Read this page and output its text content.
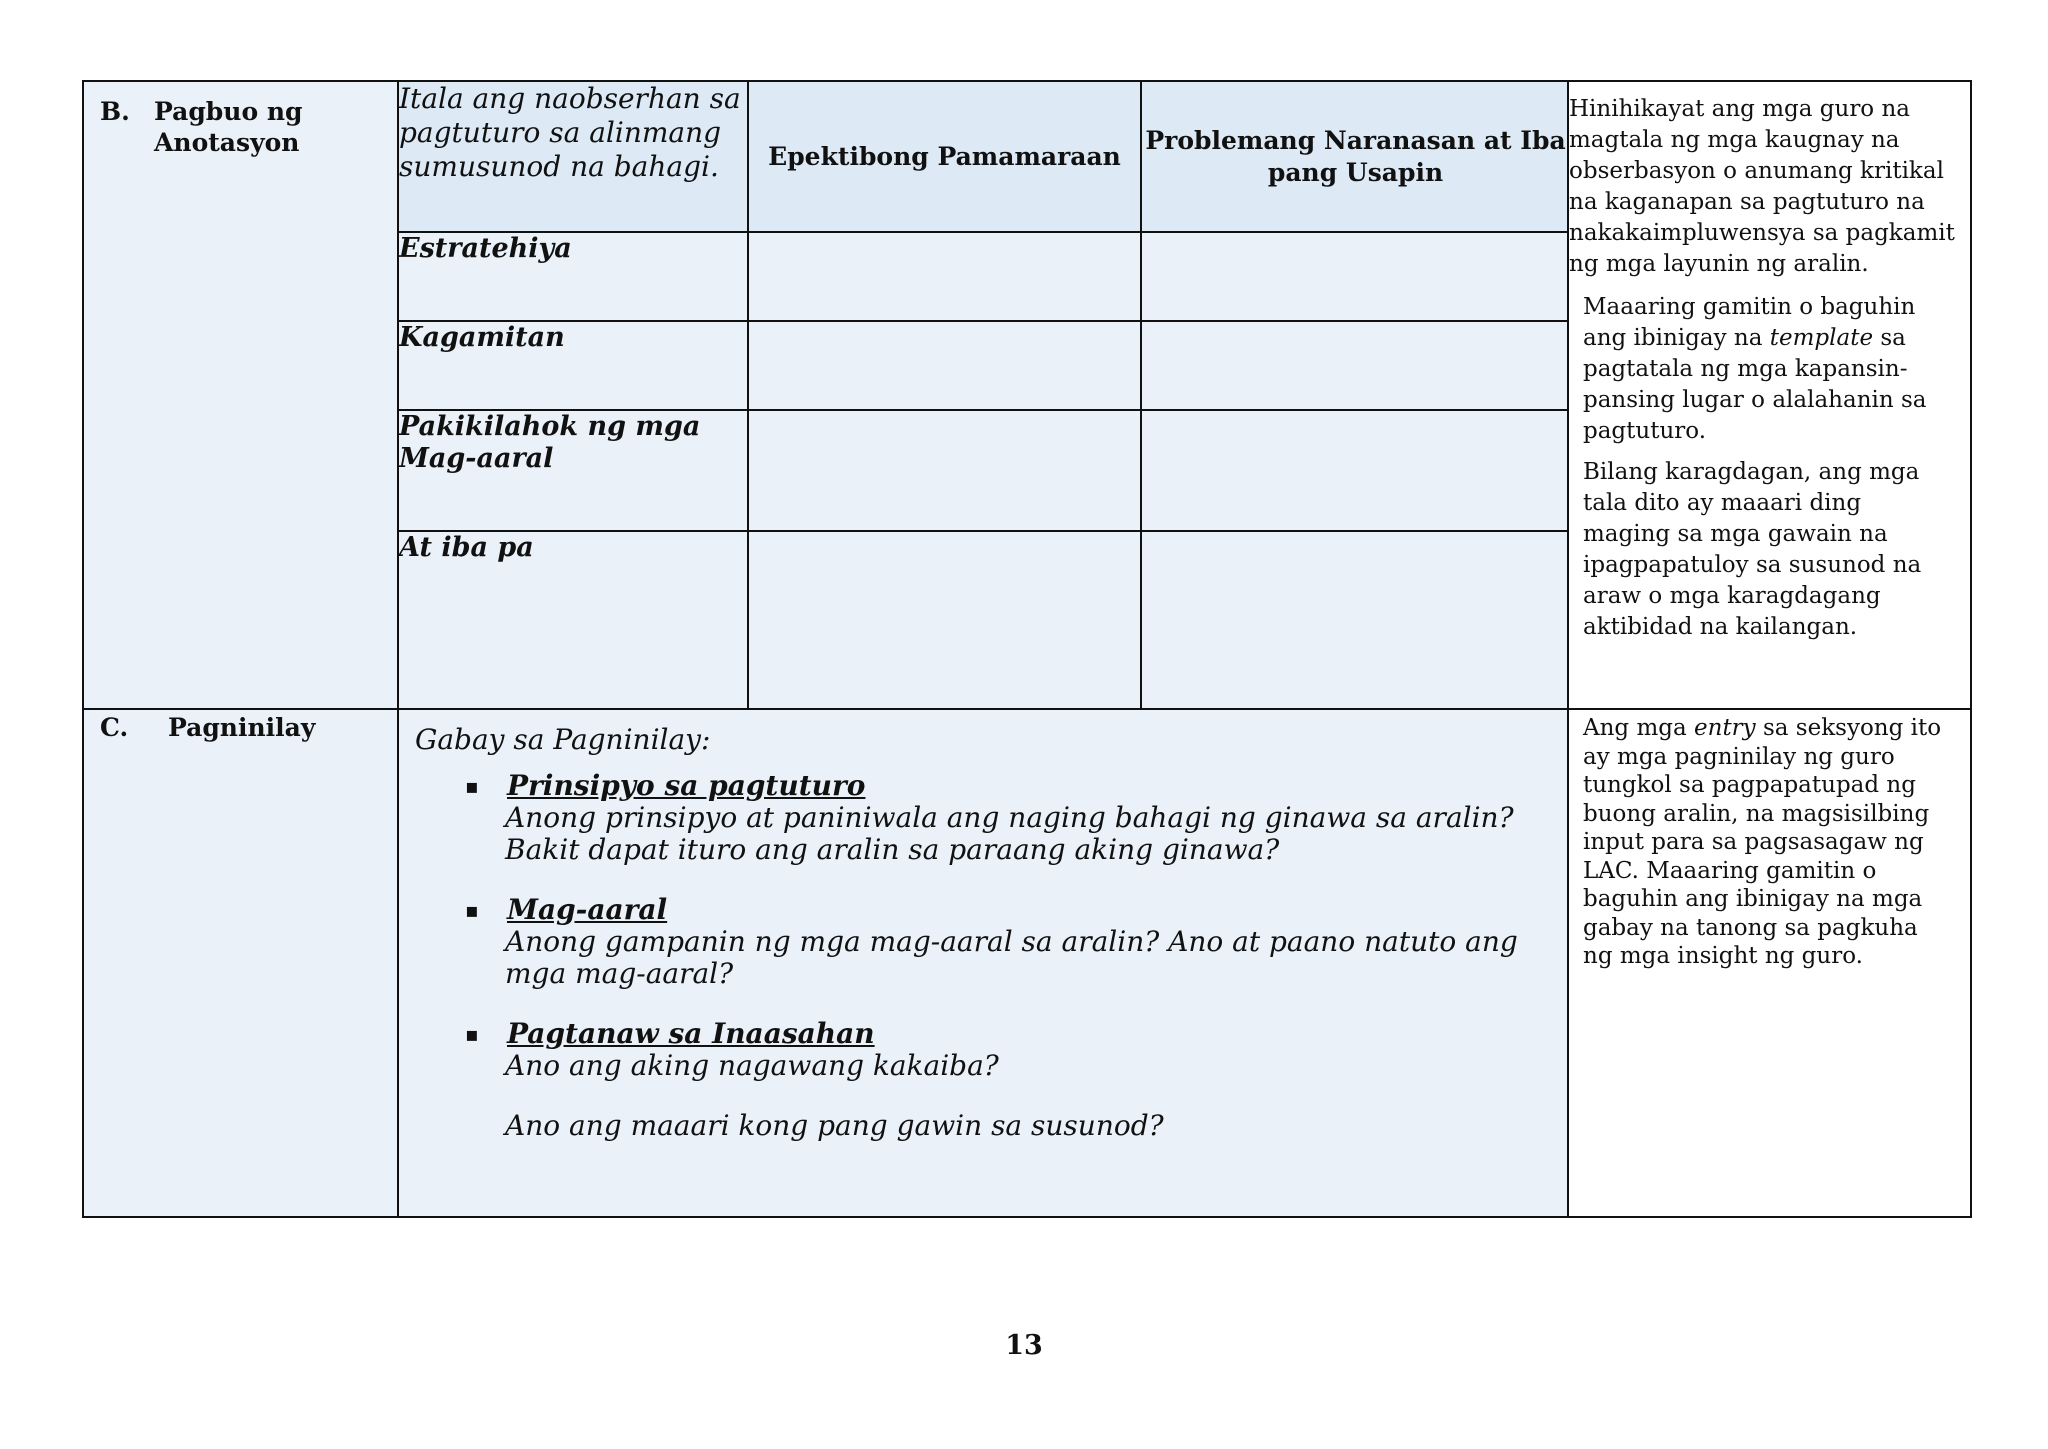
B. Pagbuo ng Anotasyon

Itala ang naobserhan sa pagtuturo sa alinmang sumusunod na bahagi.	Epektibong Pamamaraan	Problemang Naranasan at Iba pang Usapin
Estratehiya		
Kagamitan		
Pakikilahok ng mga Mag-aaral		
At iba pa		

Hinihikayat ang mga guro na magtala ng mga kaugnay na obserbasyon o anumang kritikal na kaganapan sa pagtuturo na nakakaimpluwensya sa pagkamit ng mga layunin ng aralin.

Maaaring gamitin o baguhin ang ibinigay na template sa pagtatala ng mga kapansin-pansing lugar o alalahanin sa pagtuturo.

Bilang karagdagan, ang mga tala dito ay maaari ding maging sa mga gawain na ipagpapatuloy sa susunod na araw o mga karagdagang aktibidad na kailangan.

C.	Pagninilay	Gabay sa Pagninilay:
▪	Prinsipyo sa pagtuturo
Anong prinsipyo at paniniwala ang naging bahagi ng ginawa sa aralin? Bakit dapat ituro ang aralin sa paraang aking ginawa?
▪	Mag-aaral
Anong gampanin ng mga mag-aaral sa aralin? Ano at paano natuto ang mga mag-aaral?
▪	Pagtanaw sa Inaasahan
Ano ang aking nagawang kakaiba?
Ano ang maaari kong pang gawin sa susunod?

Ang mga entry sa seksyong ito ay mga pagninilay ng guro tungkol sa pagpapatupad ng buong aralin, na magsisilbing input para sa pagsasagaw ng LAC. Maaaring gamitin o baguhin ang ibinigay na mga gabay na tanong sa pagkuha ng mga insight ng guro.

13
